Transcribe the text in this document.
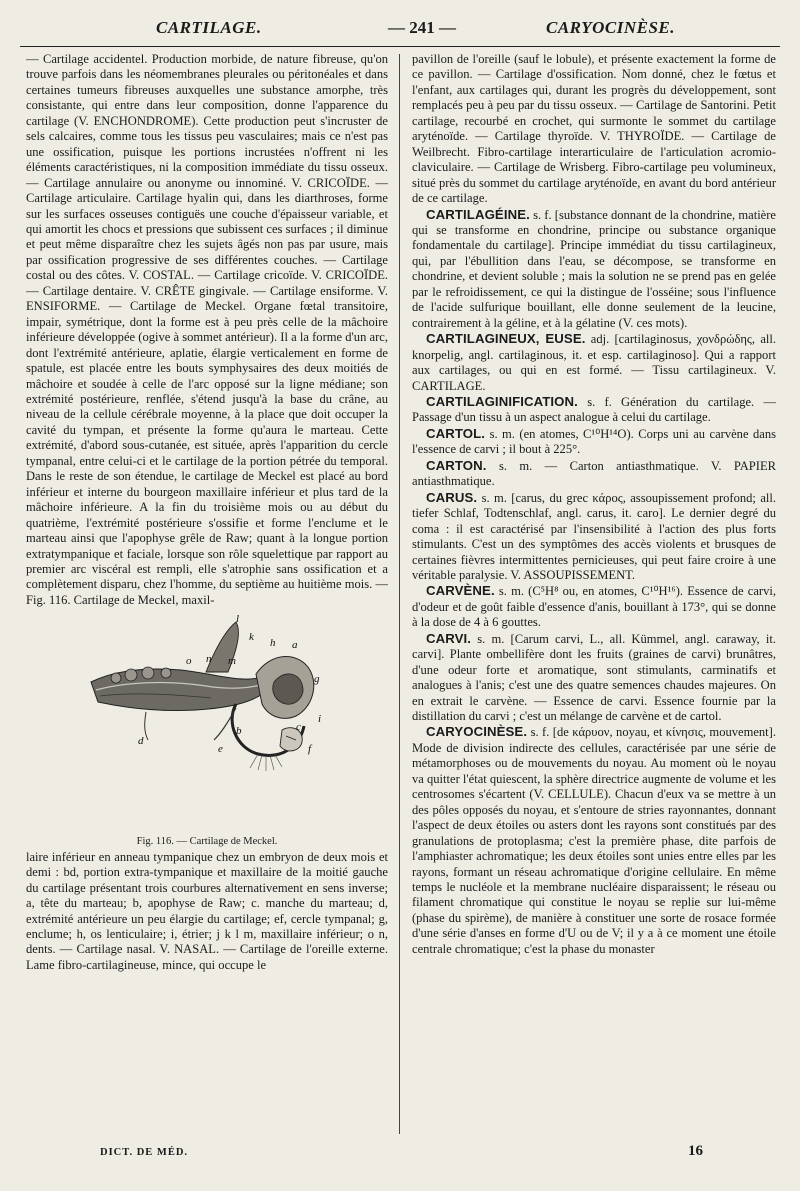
CARTILAGE.	— 241 —	CARYOCINÈSE.

— Cartilage accidentel. Production morbide, de nature fibreuse, qu'on trouve parfois dans les néomembranes pleurales ou péritonéales et dans certaines tumeurs fibreuses auxquelles une substance amorphe, très consistante, qui entre dans leur composition, donne l'apparence du cartilage (V. ENCHONDROME). Cette production peut s'incruster de sels calcaires, comme tous les tissus peu vasculaires; mais ce n'est pas une ossification, puisque les portions incrustées n'offrent ni les éléments caractéristiques, ni la composition immédiate du tissu osseux. — Cartilage annulaire ou anonyme ou innominé. V. CRICOÏDE. — Cartilage articulaire. Cartilage hyalin qui, dans les diarthroses, forme sur les surfaces osseuses contiguës une couche d'épaisseur variable, et qui amortit les chocs et pressions que subissent ces surfaces ; il diminue et peut même disparaître chez les sujets âgés non pas par usure, mais par ossification progressive de ses différentes couches. — Cartilage costal ou des côtes. V. COSTAL. — Cartilage cricoïde. V. CRICOÏDE. — Cartilage dentaire. V. CRÊTE gingivale. — Cartilage ensiforme. V. ENSIFORME. — Cartilage de Meckel. Organe fœtal transitoire, impair, symétrique, dont la forme est à peu près celle de la mâchoire inférieure développée (ogive à sommet antérieur). Il a la forme d'un arc, dont l'extrémité antérieure, aplatie, élargie verticalement en forme de spatule, est placée entre les bouts symphysaires des deux moitiés de mâchoire et soudée à celle de l'arc opposé sur la ligne médiane; son extrémité postérieure, renflée, s'étend jusqu'à la base du crâne, au niveau de la cellule cérébrale moyenne, à la place que doit occuper la cavité du tympan, et présente la forme qu'aura le marteau. Cette extrémité, d'abord sous-cutanée, est située, après l'apparition du cercle tympanal, entre celui-ci et le cartilage de la portion pétrée du temporal. Dans le reste de son étendue, le cartilage de Meckel est placé au bord inférieur et interne du bourgeon maxillaire inférieur et plus tard de la mâchoire inférieure. A la fin du troisième mois ou au début du quatrième, l'extrémité postérieure s'ossifie et forme l'enclume et le marteau ainsi que l'apophyse grêle de Raw; quant à la longue portion extratympanique et faciale, lorsque son rôle squelettique par rapport au premier arc viscéral est rempli, elle s'atrophie sans ossification et a complètement disparu, chez l'homme, du septième au huitième mois. — Fig. 116. Cartilage de Meckel, maxil-

l
k h a
g
m
n
o
i
f
e
b	c
d

Fig. 116. — Cartilage de Meckel.

laire inférieur en anneau tympanique chez un embryon de deux mois et demi : bd, portion extra-tympanique et maxillaire de la moitié gauche du cartilage présentant trois courbures alternativement en sens inverse; a, tête du marteau; b, apophyse de Raw; c. manche du marteau; d, extrémité antérieure un peu élargie du cartilage; ef, cercle tympanal; g, enclume; h, os lenticulaire; i, étrier; j k l m, maxillaire inférieur; o n, dents. — Cartilage nasal. V. NASAL. — Cartilage de l'oreille externe. Lame fibro-cartilagineuse, mince, qui occupe le

pavillon de l'oreille (sauf le lobule), et présente exactement la forme de ce pavillon. — Cartilage d'ossification. Nom donné, chez le fœtus et l'enfant, aux cartilages qui, durant les progrès du développement, sont remplacés peu à peu par du tissu osseux. — Cartilage de Santorini. Petit cartilage, recourbé en crochet, qui surmonte le sommet du cartilage aryténoïde. — Cartilage thyroïde. V. THYROÏDE. — Cartilage de Weilbrecht. Fibro-cartilage interarticulaire de l'articulation acromio-claviculaire. — Cartilage de Wrisberg. Fibro-cartilage peu volumineux, situé près du sommet du cartilage aryténoïde, en avant du bord antérieur de ce cartilage.

CARTILAGÉINE. s. f. [substance donnant de la chondrine, matière qui se transforme en chondrine, principe ou substance organique fondamentale du cartilage]. Principe immédiat du tissu cartilagineux, qui, par l'ébullition dans l'eau, se décompose, se transforme en chondrine, et devient soluble ; mais la solution ne se prend pas en gelée par le refroidissement, ce qui la distingue de l'osséine; sous l'influence de l'acide sulfurique bouillant, elle donne seulement de la leucine, contrairement à la géline, et à la gélatine (V. ces mots).

CARTILAGINEUX, EUSE. adj. [cartilaginosus, χονδρώδης, all. knorpelig, angl. cartilaginous, it. et esp. cartilaginoso]. Qui a rapport aux cartilages, ou qui en est formé. — Tissu cartilagineux. V. CARTILAGE.

CARTILAGINIFICATION. s. f. Génération du cartilage. — Passage d'un tissu à un aspect analogue à celui du cartilage.

CARTOL. s. m. (en atomes, C¹⁰H¹⁴O). Corps uni au carvène dans l'essence de carvi ; il bout à 225°.

CARTON. s. m. — Carton antiasthmatique. V. PAPIER antiasthmatique.

CARUS. s. m. [carus, du grec κάρος, assoupissement profond; all. tiefer Schlaf, Todtenschlaf, angl. carus, it. caro]. Le dernier degré du coma : il est caractérisé par l'insensibilité à l'action des plus forts stimulants. C'est un des symptômes des accès violents et brusques de certaines fièvres intermittentes pernicieuses, qui peut faire croire à une véritable paralysie. V. ASSOUPISSEMENT.

CARVÈNE. s. m. (C⁵H⁸ ou, en atomes, C¹⁰H¹⁶). Essence de carvi, d'odeur et de goût faible d'essence d'anis, bouillant à 173°, qui se donne à la dose de 4 à 6 gouttes.

CARVI. s. m. [Carum carvi, L., all. Kümmel, angl. caraway, it. carvi]. Plante ombellifère dont les fruits (graines de carvi) brunâtres, d'une odeur forte et aromatique, sont stimulants, carminatifs et analogues à l'anis; c'est une des quatre semences chaudes majeures. On en extrait le carvène. — Essence de carvi. Essence fournie par la distillation du carvi ; c'est un mélange de carvène et de cartol.

CARYOCINÈSE. s. f. [de κάρυον, noyau, et κίνησις, mouvement]. Mode de division indirecte des cellules, caractérisée par une série de métamorphoses ou de mouvements du noyau. Au moment où le noyau va quitter l'état quiescent, la sphère directrice augmente de volume et les centrosomes s'écartent (V. CELLULE). Chacun d'eux va se mettre à un des pôles opposés du noyau, et s'entoure de stries rayonnantes, donnant l'aspect de deux étoiles ou asters dont les rayons sont constitués par des granulations de protoplasma; c'est la première phase, dite parfois de l'amphiaster achromatique; les deux étoiles sont unies entre elles par les rayons, formant un réseau achromatique d'origine cellulaire. En même temps le nucléole et la membrane nucléaire disparaissent; le réseau ou filament chromatique qui constitue le noyau se replie sur lui-même (phase du spirème), de manière à constituer une sorte de rosace formée d'une série d'anses en forme d'U ou de V; il y a à ce moment une étoile centrale chromatique; c'est la phase du monaster

DICT. DE MÉD.	16
